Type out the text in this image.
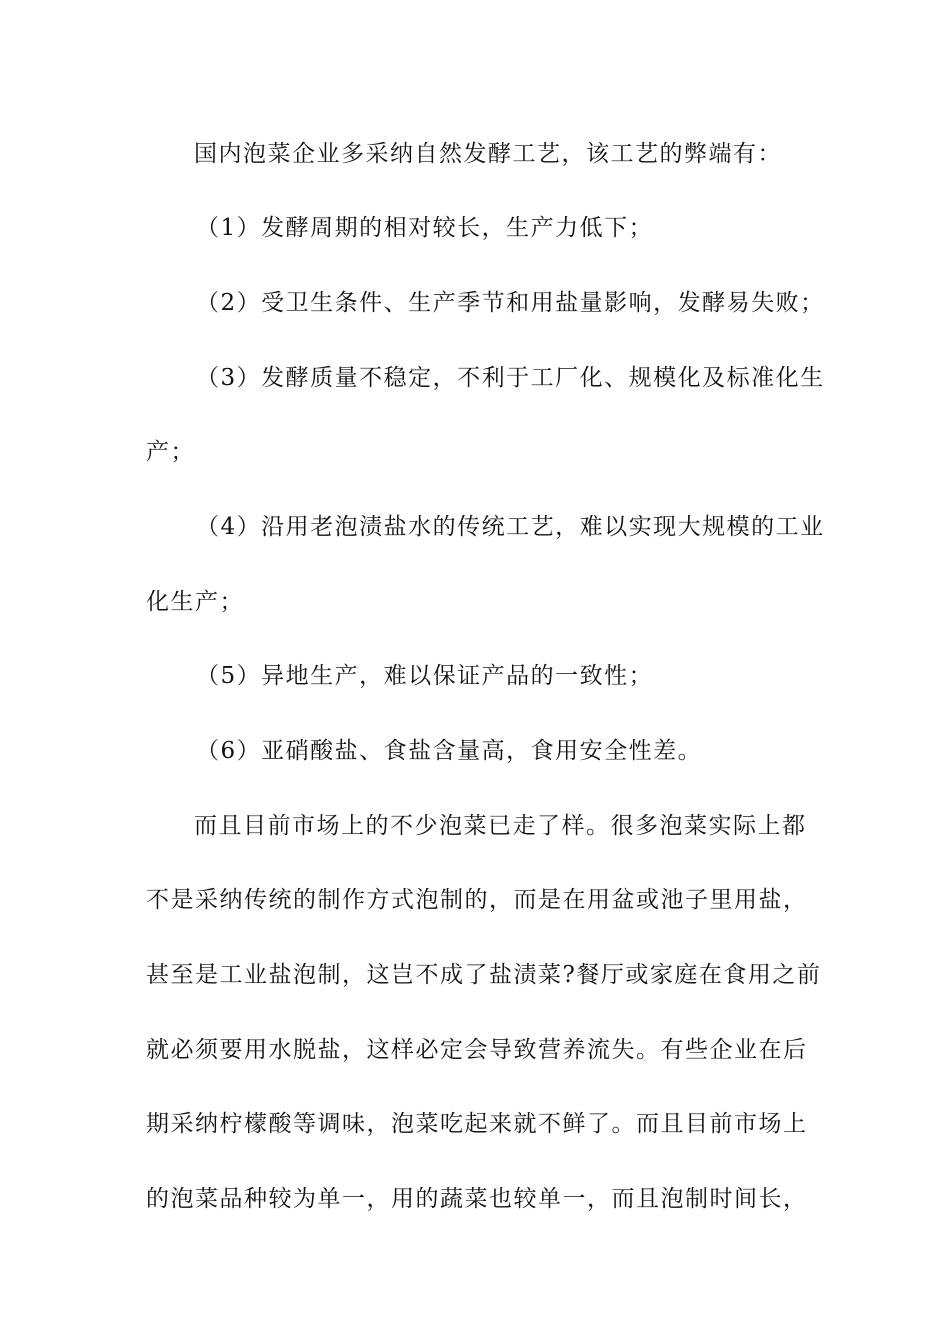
国内泡菜企业多采纳自然发酵工艺，该工艺的弊端有：
（1）发酵周期的相对较长，生产力低下；
（2）受卫生条件、生产季节和用盐量影响，发酵易失败；
（3）发酵质量不稳定，不利于工厂化、规模化及标准化生
产；
（4）沿用老泡渍盐水的传统工艺，难以实现大规模的工业
化生产；
（5）异地生产，难以保证产品的一致性；
（6）亚硝酸盐、食盐含量高，食用安全性差。
而且目前市场上的不少泡菜已走了样。很多泡菜实际上都
不是采纳传统的制作方式泡制的，而是在用盆或池子里用盐，
甚至是工业盐泡制，这岂不成了盐渍菜?餐厅或家庭在食用之前
就必须要用水脱盐，这样必定会导致营养流失。有些企业在后
期采纳柠檬酸等调味，泡菜吃起来就不鲜了。而且目前市场上
的泡菜品种较为单一，用的蔬菜也较单一，而且泡制时间长，
